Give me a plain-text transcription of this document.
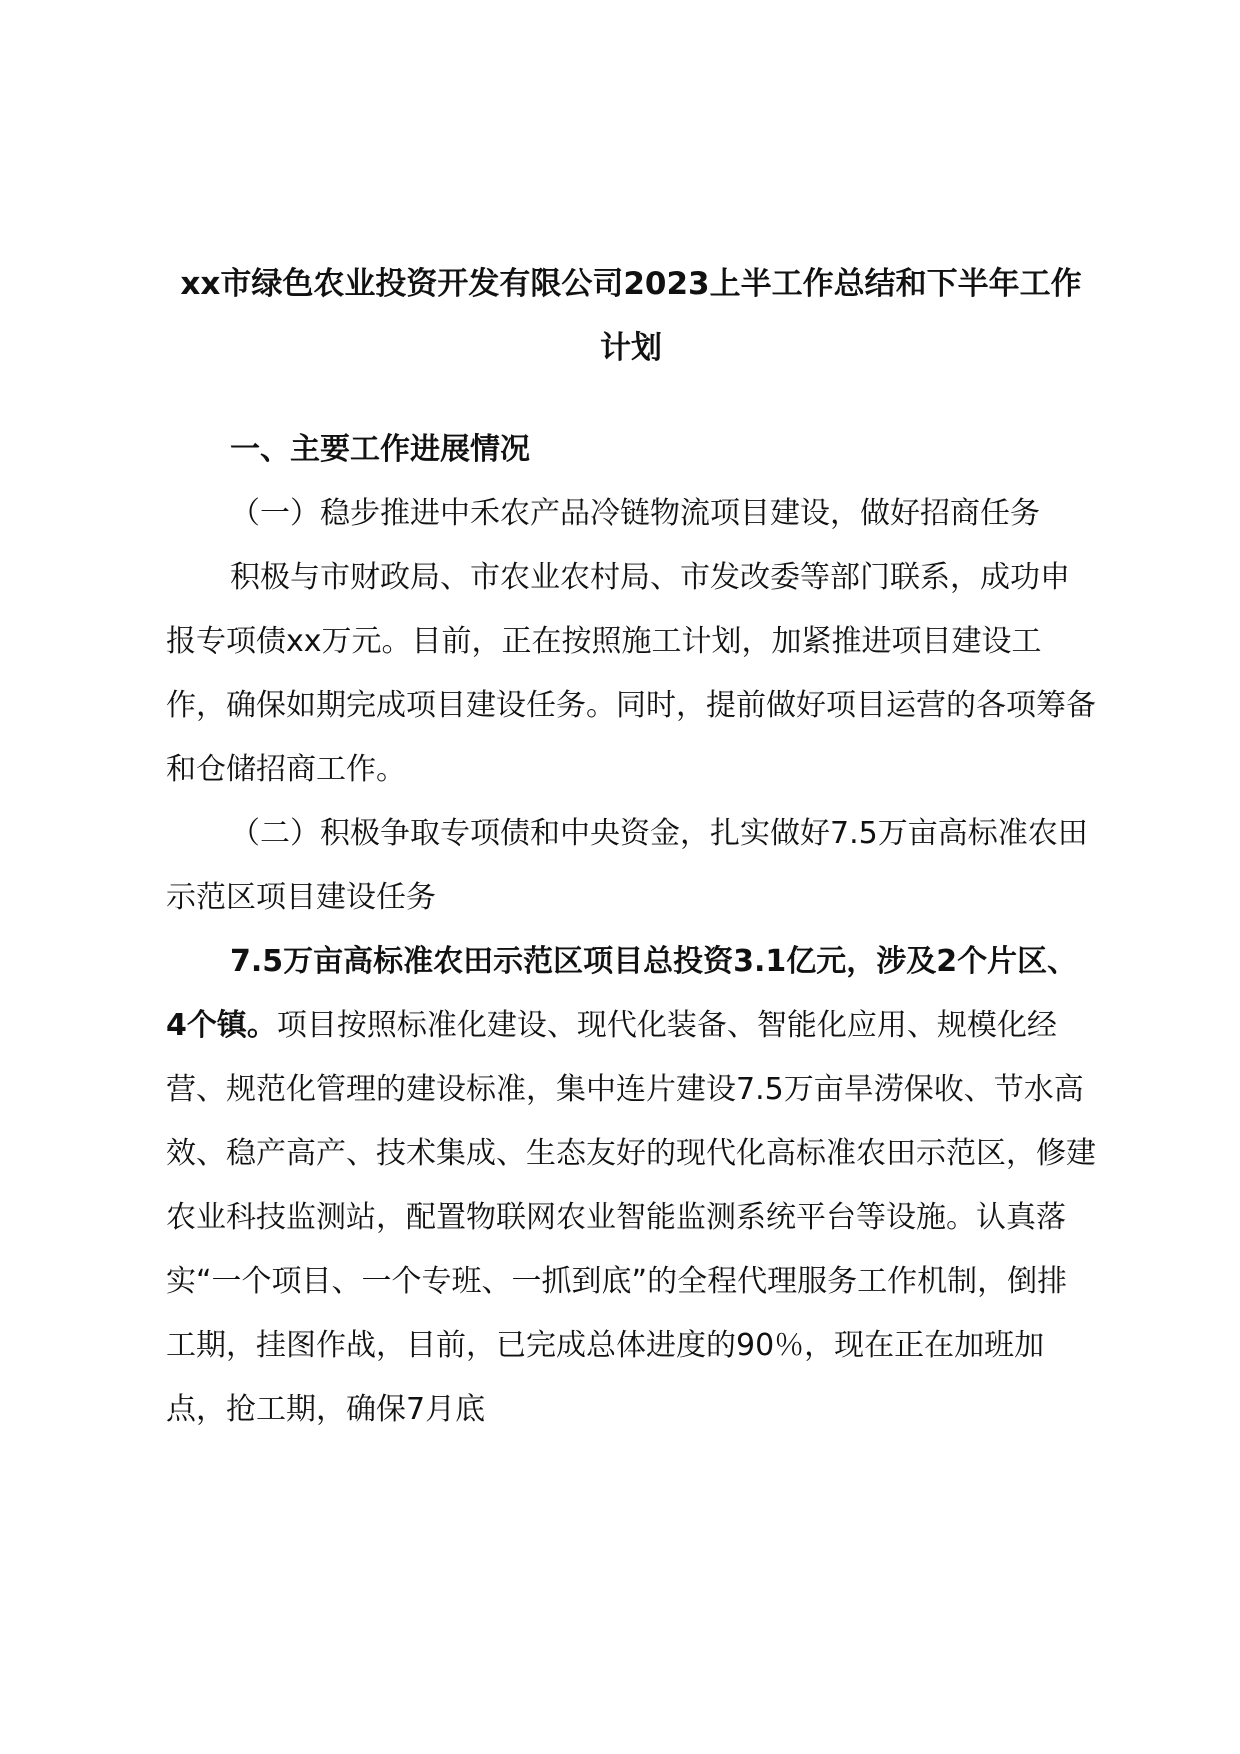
xx市绿色农业投资开发有限公司2023上半工作总结和下半年工作计划
一、主要工作进展情况

（一）稳步推进中禾农产品冷链物流项目建设，做好招商任务

积极与市财政局、市农业农村局、市发改委等部门联系，成功申报专项债xx万元。目前，正在按照施工计划，加紧推进项目建设工作，确保如期完成项目建设任务。同时，提前做好项目运营的各项筹备和仓储招商工作。

（二）积极争取专项债和中央资金，扎实做好7.5万亩高标准农田示范区项目建设任务

7.5万亩高标准农田示范区项目总投资3.1亿元，涉及2个片区、4个镇。项目按照标准化建设、现代化装备、智能化应用、规模化经营、规范化管理的建设标准，集中连片建设7.5万亩旱涝保收、节水高效、稳产高产、技术集成、生态友好的现代化高标准农田示范区，修建农业科技监测站，配置物联网农业智能监测系统平台等设施。认真落实“一个项目、一个专班、一抓到底”的全程代理服务工作机制，倒排工期，挂图作战，目前，已完成总体进度的90％，现在正在加班加点，抢工期，确保7月底
